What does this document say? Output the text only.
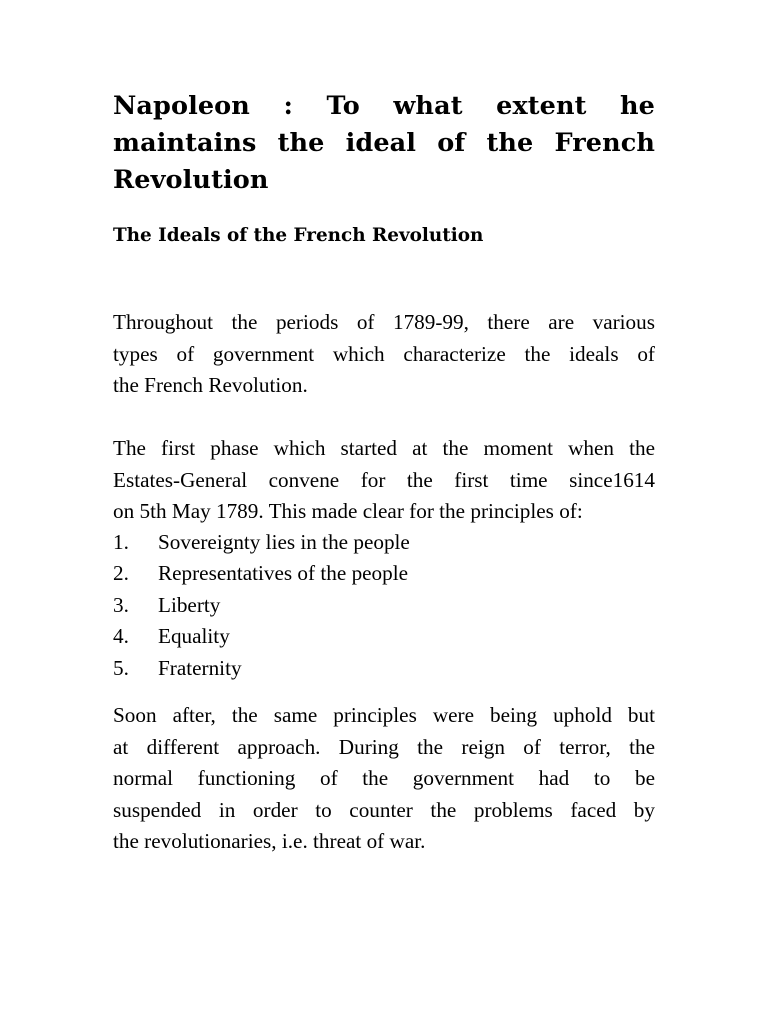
Napoleon : To what extent he
maintains the ideal of the French
Revolution
The Ideals of the French Revolution

Throughout the periods of 1789-99, there are various
types of government which characterize the ideals of
the French Revolution.

The first phase which started at the moment when the
Estates-General convene for the first time since1614
on 5th May 1789. This made clear for the principles of:

1.	Sovereignty lies in the people
2.	Representatives of the people
3.	Liberty
4.	Equality
5.	Fraternity

Soon after, the same principles were being uphold but
at different approach. During the reign of terror, the
normal functioning of the government had to be
suspended in order to counter the problems faced by
the revolutionaries, i.e. threat of war.
